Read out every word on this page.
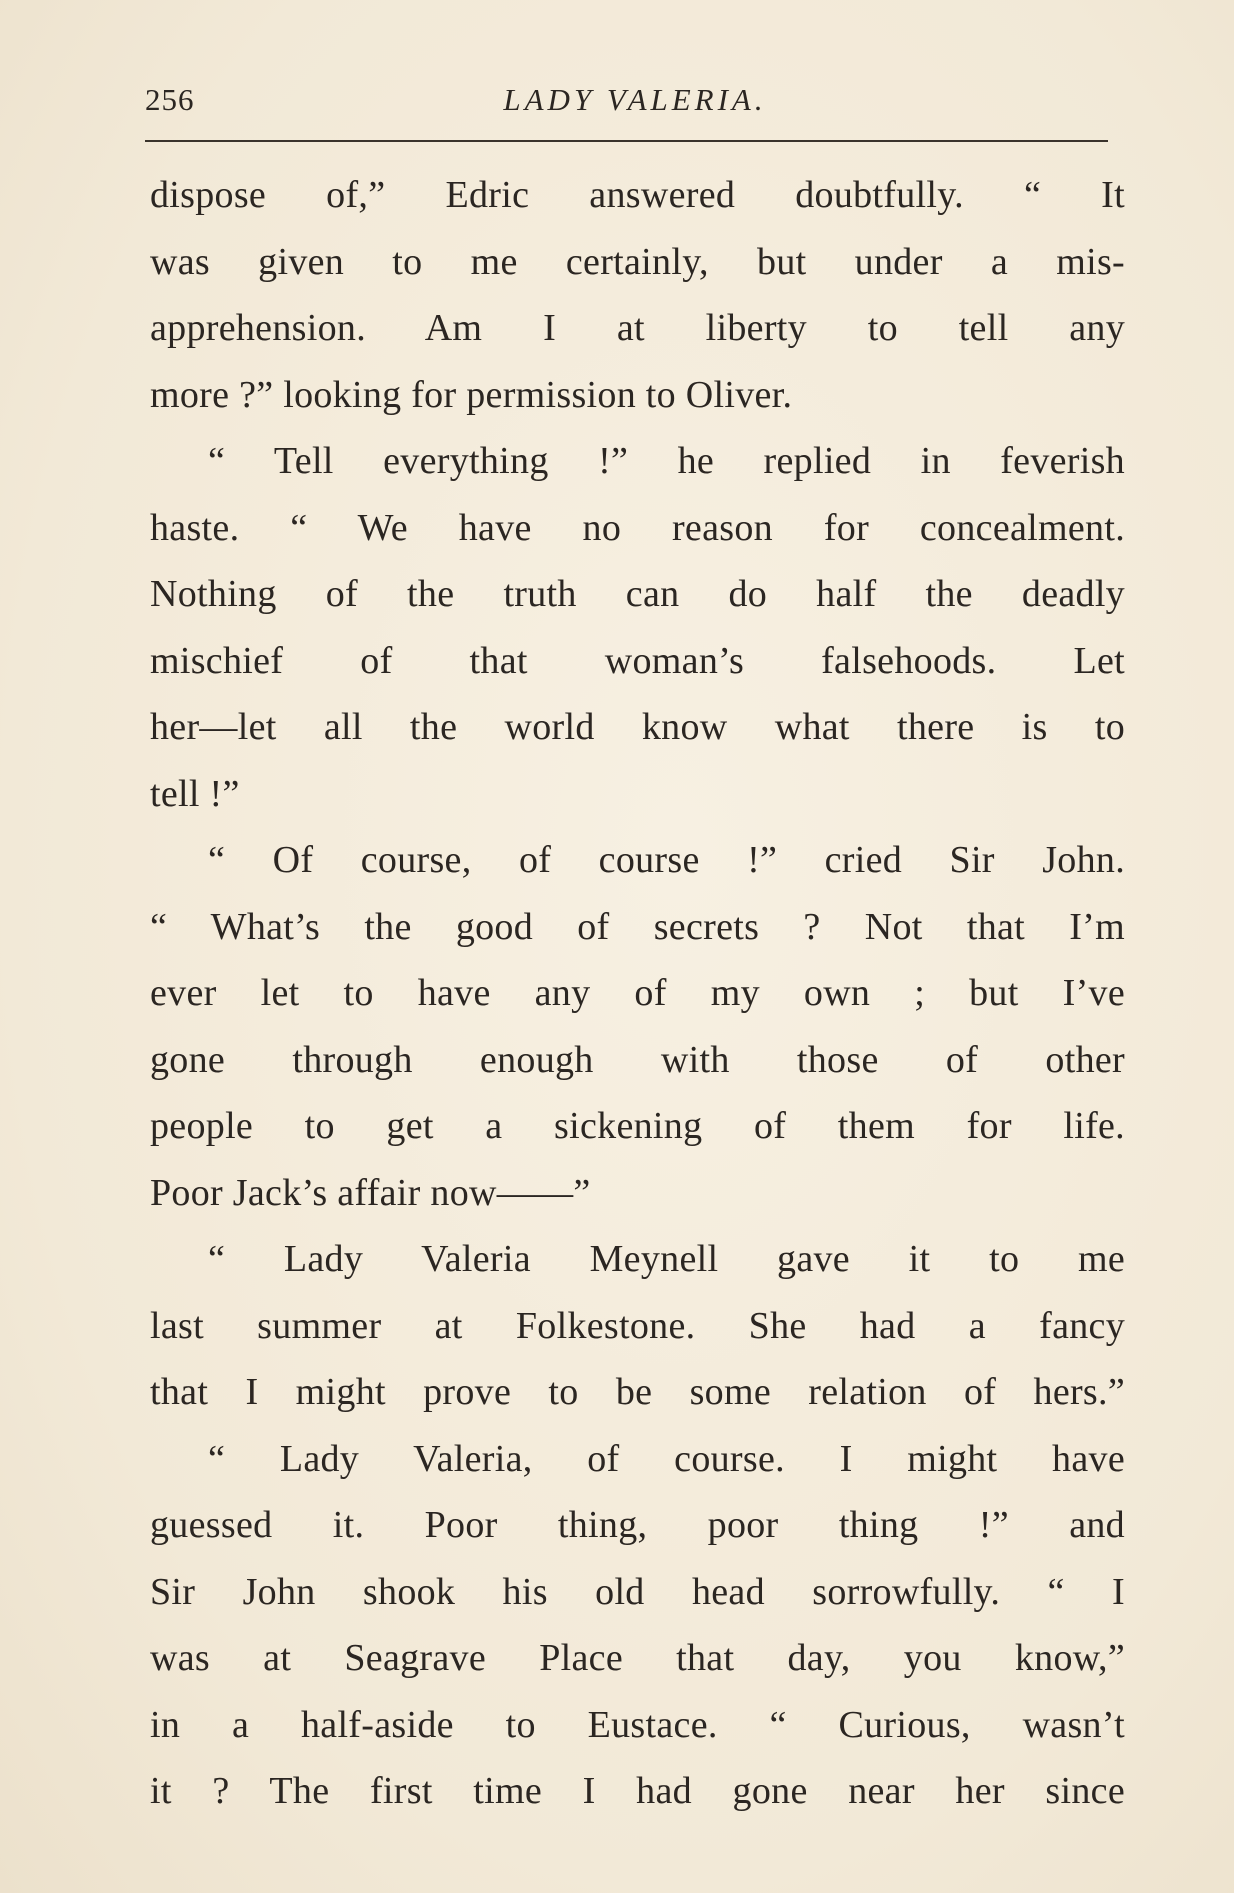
256	LADY VALERIA.
dispose of,” Edric answered doubtfully. “ It
was given to me certainly, but under a mis-
apprehension. Am I at liberty to tell any
more ?” looking for permission to Oliver.
“ Tell everything !” he replied in feverish
haste. “ We have no reason for concealment.
Nothing of the truth can do half the deadly
mischief of that woman’s falsehoods. Let
her—let all the world know what there is to
tell !”
“ Of course, of course !” cried Sir John.
“ What’s the good of secrets ? Not that I’m
ever let to have any of my own ; but I’ve
gone through enough with those of other
people to get a sickening of them for life.
Poor Jack’s affair now——”
“ Lady Valeria Meynell gave it to me
last summer at Folkestone. She had a fancy
that I might prove to be some relation of hers.”
“ Lady Valeria, of course. I might have
guessed it. Poor thing, poor thing !” and
Sir John shook his old head sorrowfully. “ I
was at Seagrave Place that day, you know,”
in a half-aside to Eustace. “ Curious, wasn’t
it ? The first time I had gone near her since
